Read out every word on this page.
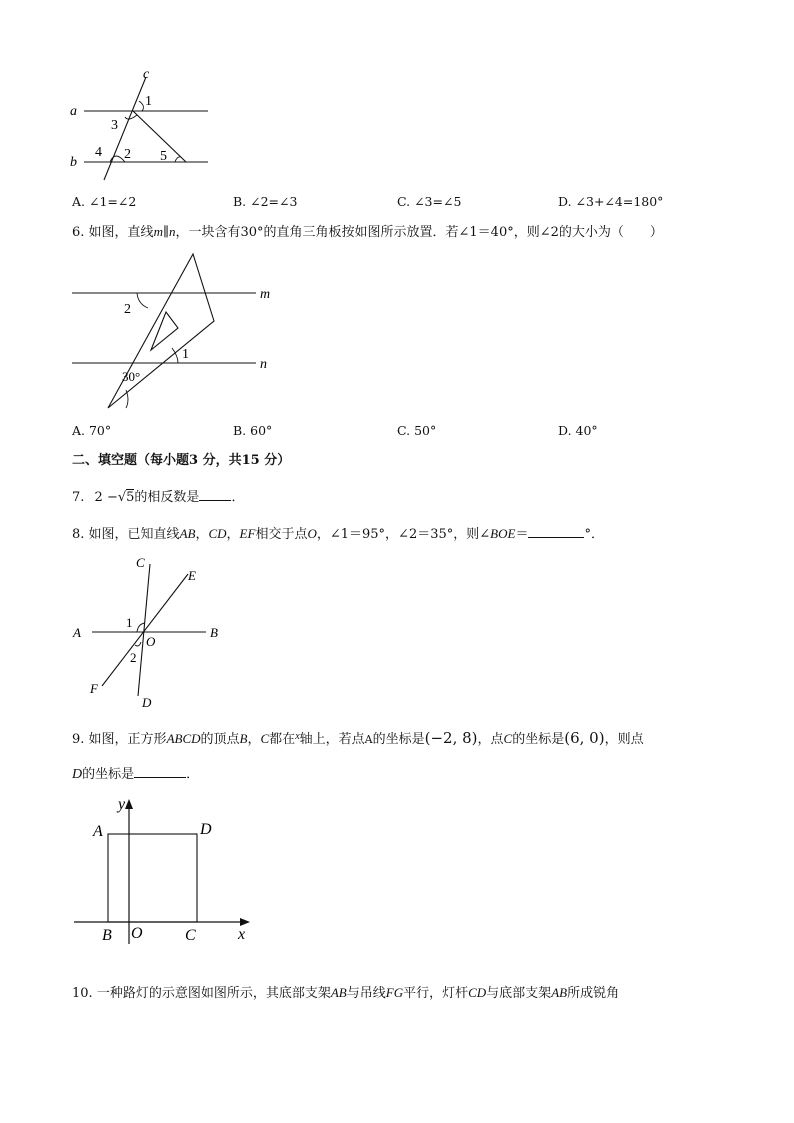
c
a
b
1
3
4 2 5
A. ∠1=∠2	B. ∠2=∠3	C. ∠3=∠5	D. ∠3+∠4=180°
6. 如图，直线m∥n，一块含有30°的直角三角板按如图所示放置．若∠1＝40°，则∠2的大小为（　　）
m
n
2
1
30°
A. 70°	B. 60°	C. 50°	D. 40°
二、填空题（每小题3 分，共15 分）
7. 2 −√5的相反数是 ．
8. 如图，已知直线AB，CD，EF相交于点O，∠1＝95°，∠2＝35°，则∠BOE＝	°．
C
E
A	B
O
1
2
F
D
9. 如图，正方形ABCD的顶点B，C都在$^x$轴上，若点A的坐标是(−2, 8)，点C的坐标是(6, 0)，则点
D的坐标是	．
y
A	D
B O	C	x
10. 一种路灯的示意图如图所示，其底部支架AB与吊线FG平行，灯杆CD与底部支架AB所成锐角
